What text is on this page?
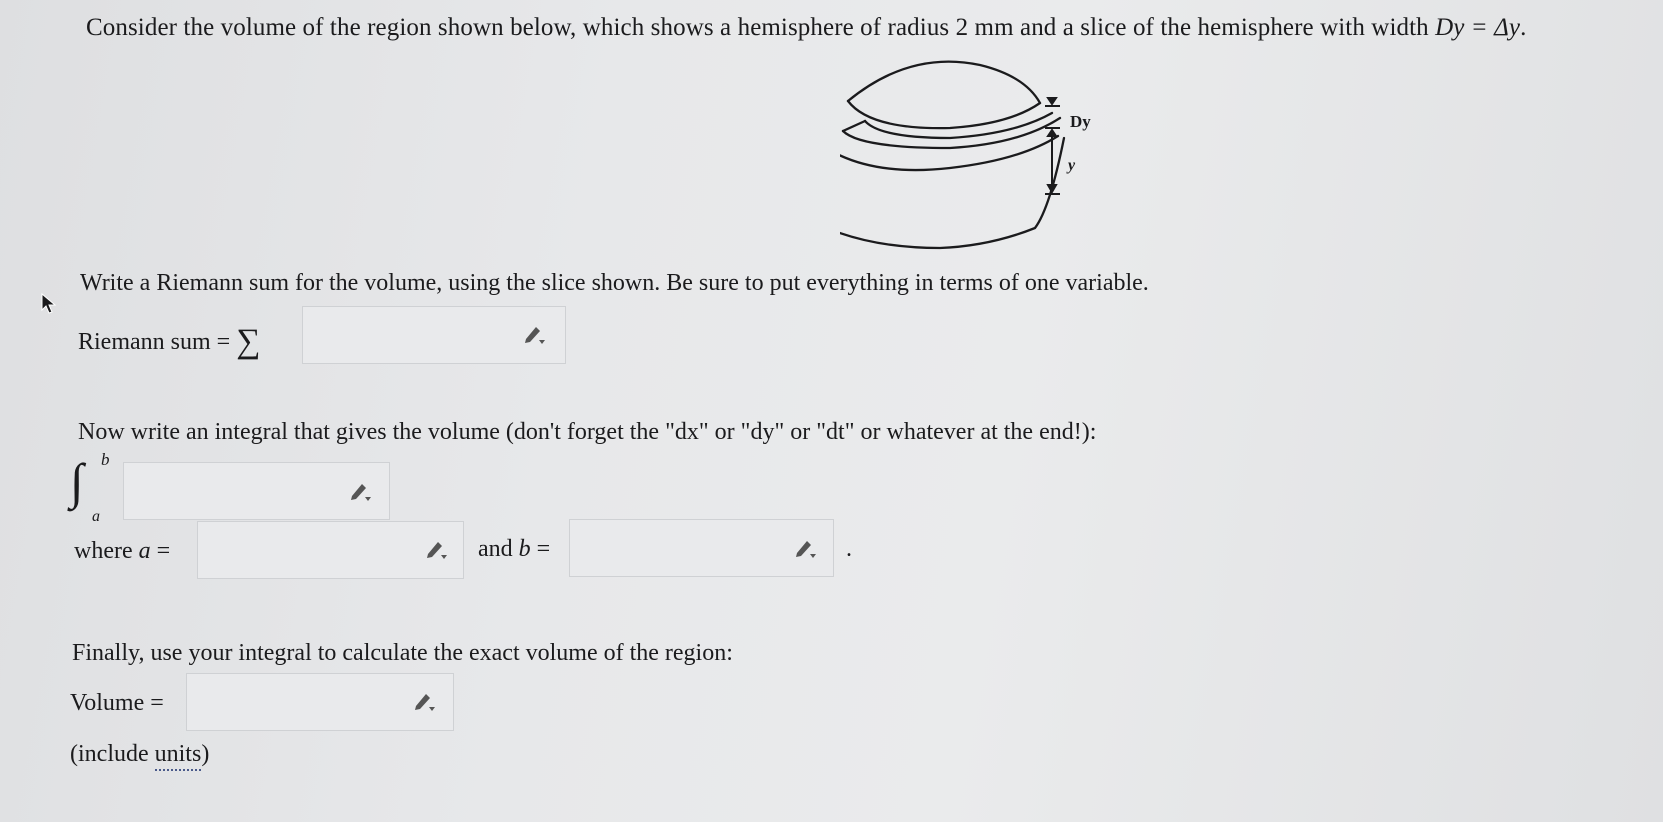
Consider the volume of the region shown below, which shows a hemisphere of radius 2 mm and a slice of the hemisphere with width Dy = Δy.
Dy
y
Write a Riemann sum for the volume, using the slice shown. Be sure to put everything in terms of one variable.
Riemann sum = ∑
Now write an integral that gives the volume (don't forget the "dx" or "dy" or "dt" or whatever at the end!):
∫ b
a
where a =	and b =	.
Finally, use your integral to calculate the exact volume of the region:
Volume =
(include units)
